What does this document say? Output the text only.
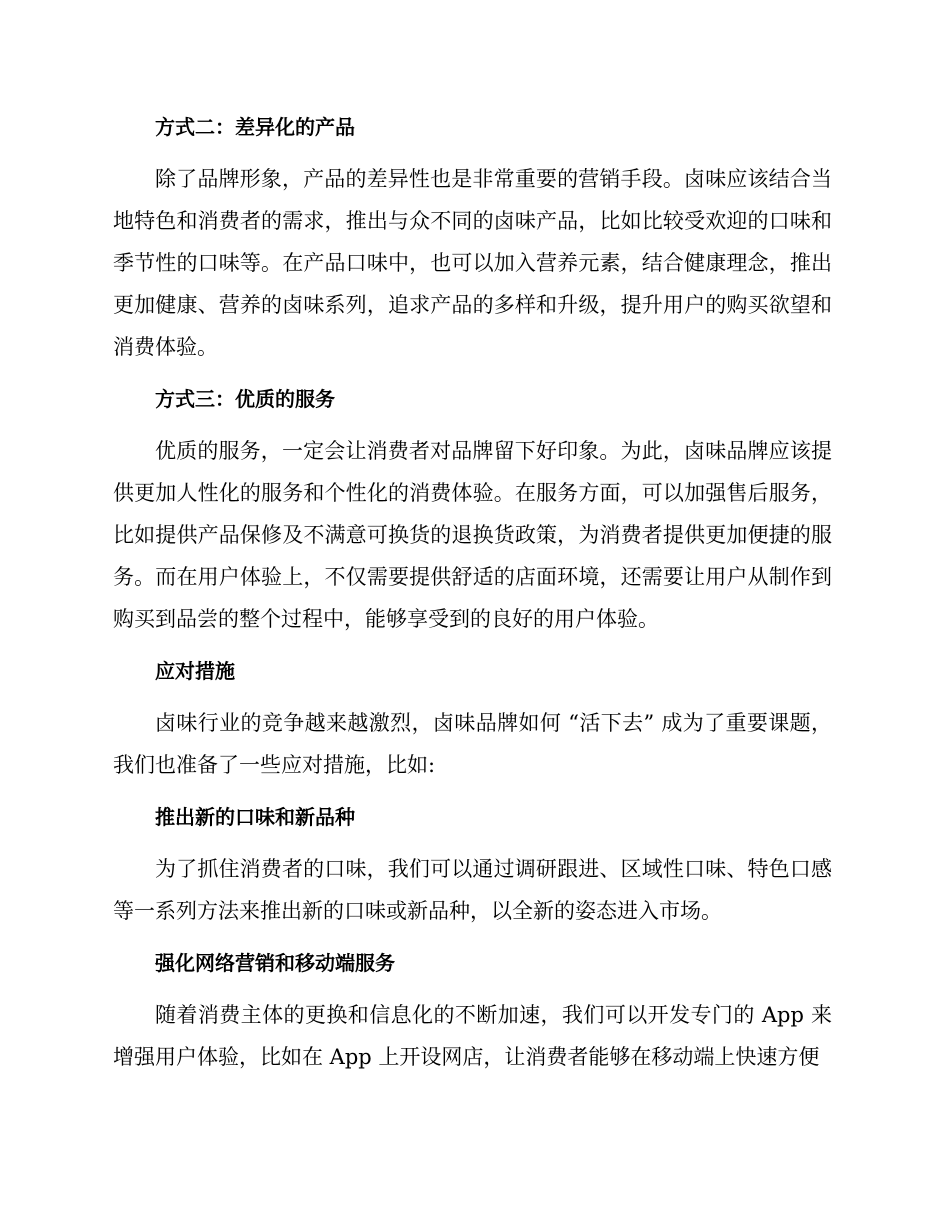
方式二：差异化的产品

除了品牌形象，产品的差异性也是非常重要的营销手段。卤味应该结合当地特色和消费者的需求，推出与众不同的卤味产品，比如比较受欢迎的口味和季节性的口味等。在产品口味中，也可以加入营养元素，结合健康理念，推出更加健康、营养的卤味系列，追求产品的多样和升级，提升用户的购买欲望和消费体验。

方式三：优质的服务

优质的服务，一定会让消费者对品牌留下好印象。为此，卤味品牌应该提供更加人性化的服务和个性化的消费体验。在服务方面，可以加强售后服务，比如提供产品保修及不满意可换货的退换货政策，为消费者提供更加便捷的服务。而在用户体验上，不仅需要提供舒适的店面环境，还需要让用户从制作到购买到品尝的整个过程中，能够享受到的良好的用户体验。

应对措施

卤味行业的竞争越来越激烈，卤味品牌如何 “活下去” 成为了重要课题，我们也准备了一些应对措施，比如:

推出新的口味和新品种

为了抓住消费者的口味，我们可以通过调研跟进、区域性口味、特色口感等一系列方法来推出新的口味或新品种，以全新的姿态进入市场。

强化网络营销和移动端服务

随着消费主体的更换和信息化的不断加速，我们可以开发专门的 App 来增强用户体验，比如在 App 上开设网店，让消费者能够在移动端上快速方便
